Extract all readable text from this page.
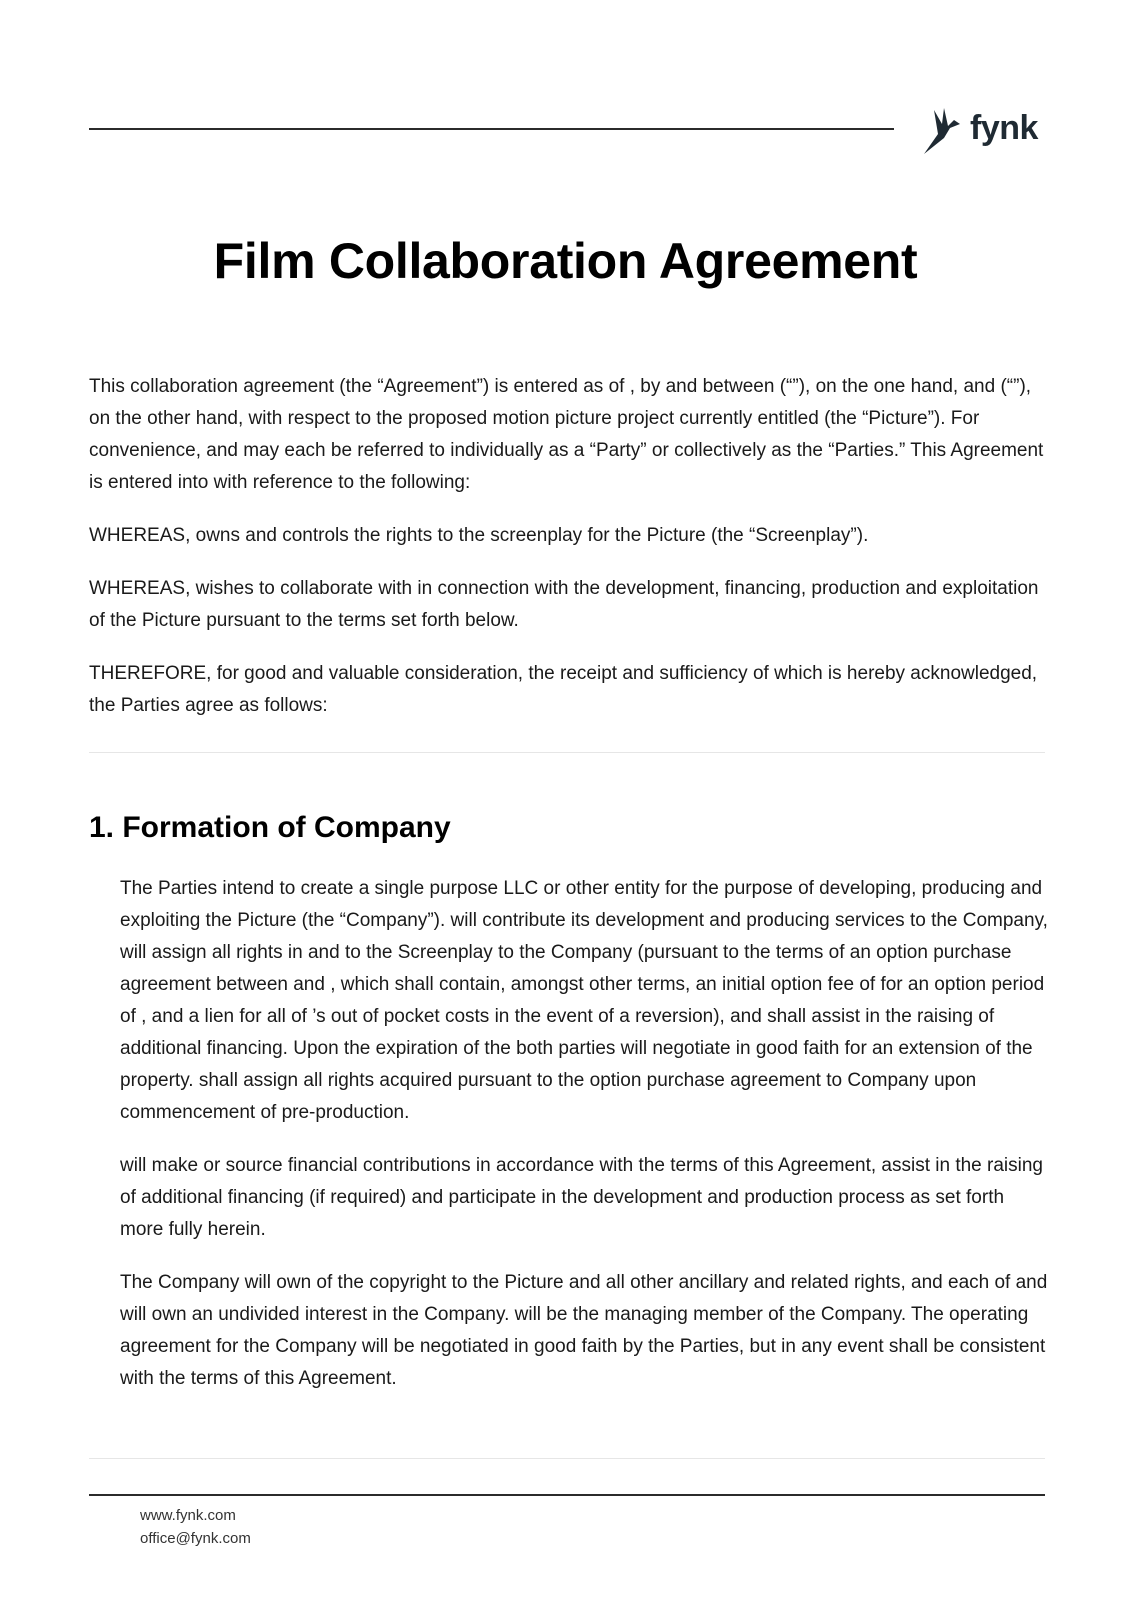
fynk
Film Collaboration Agreement

This collaboration agreement (the “Agreement”) is entered as of , by and between (“”), on the one hand, and (“”), on the other hand, with respect to the proposed motion picture project currently entitled (the “Picture”). For convenience, and may each be referred to individually as a “Party” or collectively as the “Parties.” This Agreement is entered into with reference to the following:

WHEREAS, owns and controls the rights to the screenplay for the Picture (the “Screenplay”).

WHEREAS, wishes to collaborate with in connection with the development, financing, production and exploitation of the Picture pursuant to the terms set forth below.

THEREFORE, for good and valuable consideration, the receipt and sufficiency of which is hereby acknowledged, the Parties agree as follows:

1. Formation of Company

The Parties intend to create a single purpose LLC or other entity for the purpose of developing, producing and exploiting the Picture (the “Company”). will contribute its development and producing services to the Company, will assign all rights in and to the Screenplay to the Company (pursuant to the terms of an option purchase agreement between and , which shall contain, amongst other terms, an initial option fee of for an option period of , and a lien for all of ’s out of pocket costs in the event of a reversion), and shall assist in the raising of additional financing. Upon the expiration of the both parties will negotiate in good faith for an extension of the property. shall assign all rights acquired pursuant to the option purchase agreement to Company upon commencement of pre-production.

will make or source financial contributions in accordance with the terms of this Agreement, assist in the raising of additional financing (if required) and participate in the development and production process as set forth more fully herein.

The Company will own of the copyright to the Picture and all other ancillary and related rights, and each of and will own an undivided interest in the Company. will be the managing member of the Company. The operating agreement for the Company will be negotiated in good faith by the Parties, but in any event shall be consistent with the terms of this Agreement.

www.fynk.com
office@fynk.com
